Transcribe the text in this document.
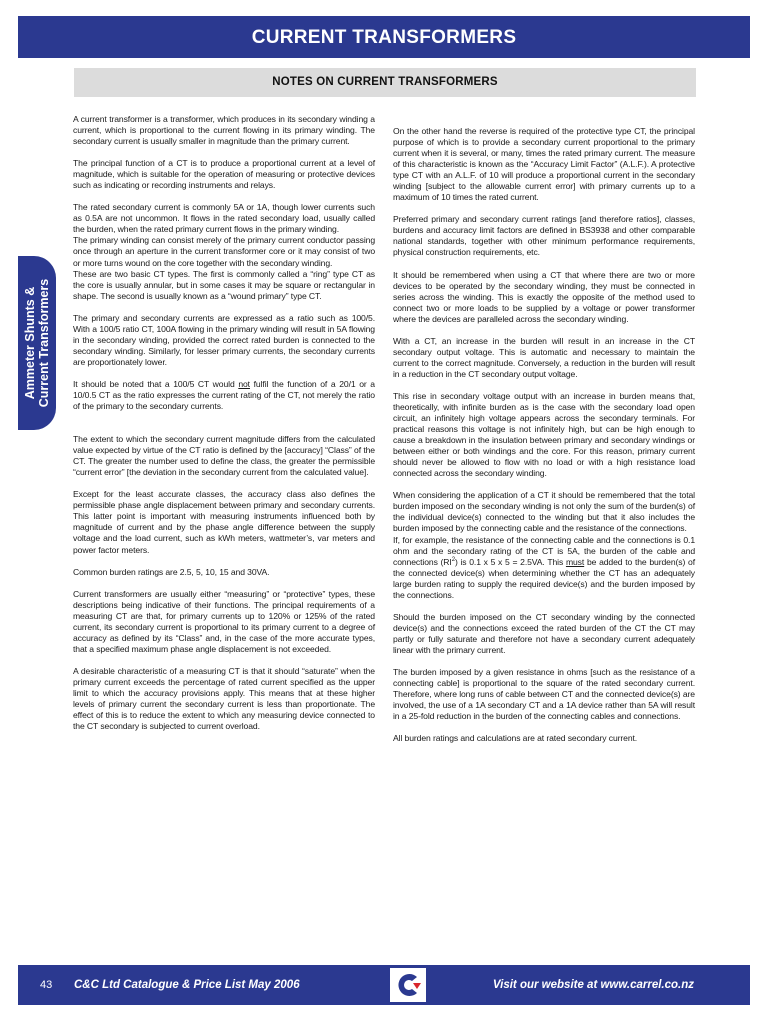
CURRENT TRANSFORMERS
NOTES ON CURRENT TRANSFORMERS
Ammeter Shunts & Current Transformers

A current transformer is a transformer, which produces in its secondary winding a current, which is proportional to the current flowing in its primary winding. The secondary current is usually smaller in magnitude than the primary current.

The principal function of a CT is to produce a proportional current at a level of magnitude, which is suitable for the operation of measuring or protective devices such as indicating or recording instruments and relays.

The rated secondary current is commonly 5A or 1A, though lower currents such as 0.5A are not uncommon. It flows in the rated secondary load, usually called the burden, when the rated primary current flows in the primary winding.

The primary winding can consist merely of the primary current conductor passing once through an aperture in the current transformer core or it may consist of two or more turns wound on the core together with the secondary winding.

These are two basic CT types. The first is commonly called a “ring” type CT as the core is usually annular, but in some cases it may be square or rectangular in shape. The second is usually known as a “wound primary” type CT.

The primary and secondary currents are expressed as a ratio such as 100/5. With a 100/5 ratio CT, 100A flowing in the primary winding will result in 5A flowing in the secondary winding, provided the correct rated burden is connected to the secondary winding. Similarly, for lesser primary currents, the secondary currents are proportionately lower.

It should be noted that a 100/5 CT would not fulfil the function of a 20/1 or a 10/0.5 CT as the ratio expresses the current rating of the CT, not merely the ratio of the primary to the secondary currents.

The extent to which the secondary current magnitude differs from the calculated value expected by virtue of the CT ratio is defined by the [accuracy] “Class” of the CT. The greater the number used to define the class, the greater the permissible “current error” [the deviation in the secondary current from the calculated value].

Except for the least accurate classes, the accuracy class also defines the permissible phase angle displacement between primary and secondary currents. This latter point is important with measuring instruments influenced both by magnitude of current and by the phase angle difference between the supply voltage and the load current, such as kWh meters, wattmeter’s, var meters and power factor meters.

Common burden ratings are 2.5, 5, 10, 15 and 30VA.

Current transformers are usually either “measuring” or “protective” types, these descriptions being indicative of their functions. The principal requirements of a measuring CT are that, for primary currents up to 120% or 125% of the rated current, its secondary current is proportional to its primary current to a degree of accuracy as defined by its “Class” and, in the case of the more accurate types, that a specified maximum phase angle displacement is not exceeded.

A desirable characteristic of a measuring CT is that it should “saturate” when the primary current exceeds the percentage of rated current specified as the upper limit to which the accuracy provisions apply. This means that at these higher levels of primary current the secondary current is less than proportionate. The effect of this is to reduce the extent to which any measuring device connected to the CT secondary is subjected to current overload.

On the other hand the reverse is required of the protective type CT, the principal purpose of which is to provide a secondary current proportional to the primary current when it is several, or many, times the rated primary current. The measure of this characteristic is known as the “Accuracy Limit Factor” (A.L.F.). A protective type CT with an A.L.F. of 10 will produce a proportional current in the secondary winding [subject to the allowable current error] with primary currents up to a maximum of 10 times the rated current.

Preferred primary and secondary current ratings [and therefore ratios], classes, burdens and accuracy limit factors are defined in BS3938 and other comparable national standards, together with other minimum performance requirements, physical construction requirements, etc.

It should be remembered when using a CT that where there are two or more devices to be operated by the secondary winding, they must be connected in series across the winding. This is exactly the opposite of the method used to connect two or more loads to be supplied by a voltage or power transformer where the devices are paralleled across the secondary winding.

With a CT, an increase in the burden will result in an increase in the CT secondary output voltage. This is automatic and necessary to maintain the current to the correct magnitude. Conversely, a reduction in the burden will result in a reduction in the CT secondary output voltage.

This rise in secondary voltage output with an increase in burden means that, theoretically, with infinite burden as is the case with the secondary load open circuit, an infinitely high voltage appears across the secondary terminals. For practical reasons this voltage is not infinitely high, but can be high enough to cause a breakdown in the insulation between primary and secondary windings or between either or both windings and the core. For this reason, primary current should never be allowed to flow with no load or with a high resistance load connected across the secondary winding.

When considering the application of a CT it should be remembered that the total burden imposed on the secondary winding is not only the sum of the burden(s) of the individual device(s) connected to the winding but that it also includes the burden imposed by the connecting cable and the resistance of the connections.

If, for example, the resistance of the connecting cable and the connections is 0.1 ohm and the secondary rating of the CT is 5A, the burden of the cable and connections $(RI^2)$ is 0.1 x 5 x 5 = 2.5VA. This must be added to the burden(s) of the connected device(s) when determining whether the CT has an adequately large burden rating to supply the required device(s) and the burden imposed by the connections.

Should the burden imposed on the CT secondary winding by the connected device(s) and the connections exceed the rated burden of the CT the CT may partly or fully saturate and therefore not have a secondary current adequately linear with the primary current.

The burden imposed by a given resistance in ohms [such as the resistance of a connecting cable] is proportional to the square of the rated secondary current. Therefore, where long runs of cable between CT and the connected device(s) are involved, the use of a 1A secondary CT and a 1A device rather than 5A will result in a 25-fold reduction in the burden of the connecting cables and connections.

All burden ratings and calculations are at rated secondary current.

43 C&C Ltd Catalogue & Price List May 2006	Visit our website at www.carrel.co.nz
